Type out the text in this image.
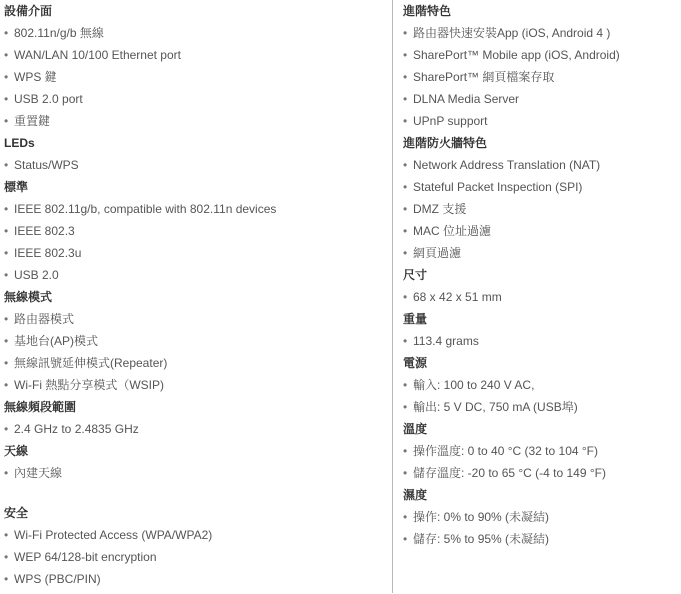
設備介面
• 802.11n/g/b 無線
• WAN/LAN 10/100 Ethernet port
• WPS 鍵
• USB 2.0 port
• 重置鍵
LEDs
• Status/WPS
標準
• IEEE 802.11g/b, compatible with 802.11n devices
• IEEE 802.3
• IEEE 802.3u
• USB 2.0
無線模式
• 路由器模式
• 基地台(AP)模式
• 無線訊號延伸模式(Repeater)
• Wi-Fi 熱點分享模式（WSIP)
無線頻段範圍
• 2.4 GHz to 2.4835 GHz
天線
• 內建天線
安全
• Wi-Fi Protected Access (WPA/WPA2)
• WEP 64/128-bit encryption
• WPS (PBC/PIN)
進階特色
• 路由器快速安裝App (iOS, Android 4 )
• SharePort™ Mobile app (iOS, Android)
• SharePort™ 網頁檔案存取
• DLNA Media Server
• UPnP support
進階防火牆特色
• Network Address Translation (NAT)
• Stateful Packet Inspection (SPI)
• DMZ 支援
• MAC 位址過濾
• 網頁過濾
尺寸
• 68 x 42 x 51 mm
重量
• 113.4 grams
電源
• 輸入: 100 to 240 V AC,
• 輸出: 5 V DC, 750 mA (USB埠)
溫度
• 操作溫度: 0 to 40 °C (32 to 104 °F)
• 儲存溫度: -20 to 65 °C (-4 to 149 °F)
濕度
• 操作: 0% to 90% (未凝結)
• 儲存: 5% to 95% (未凝結)
